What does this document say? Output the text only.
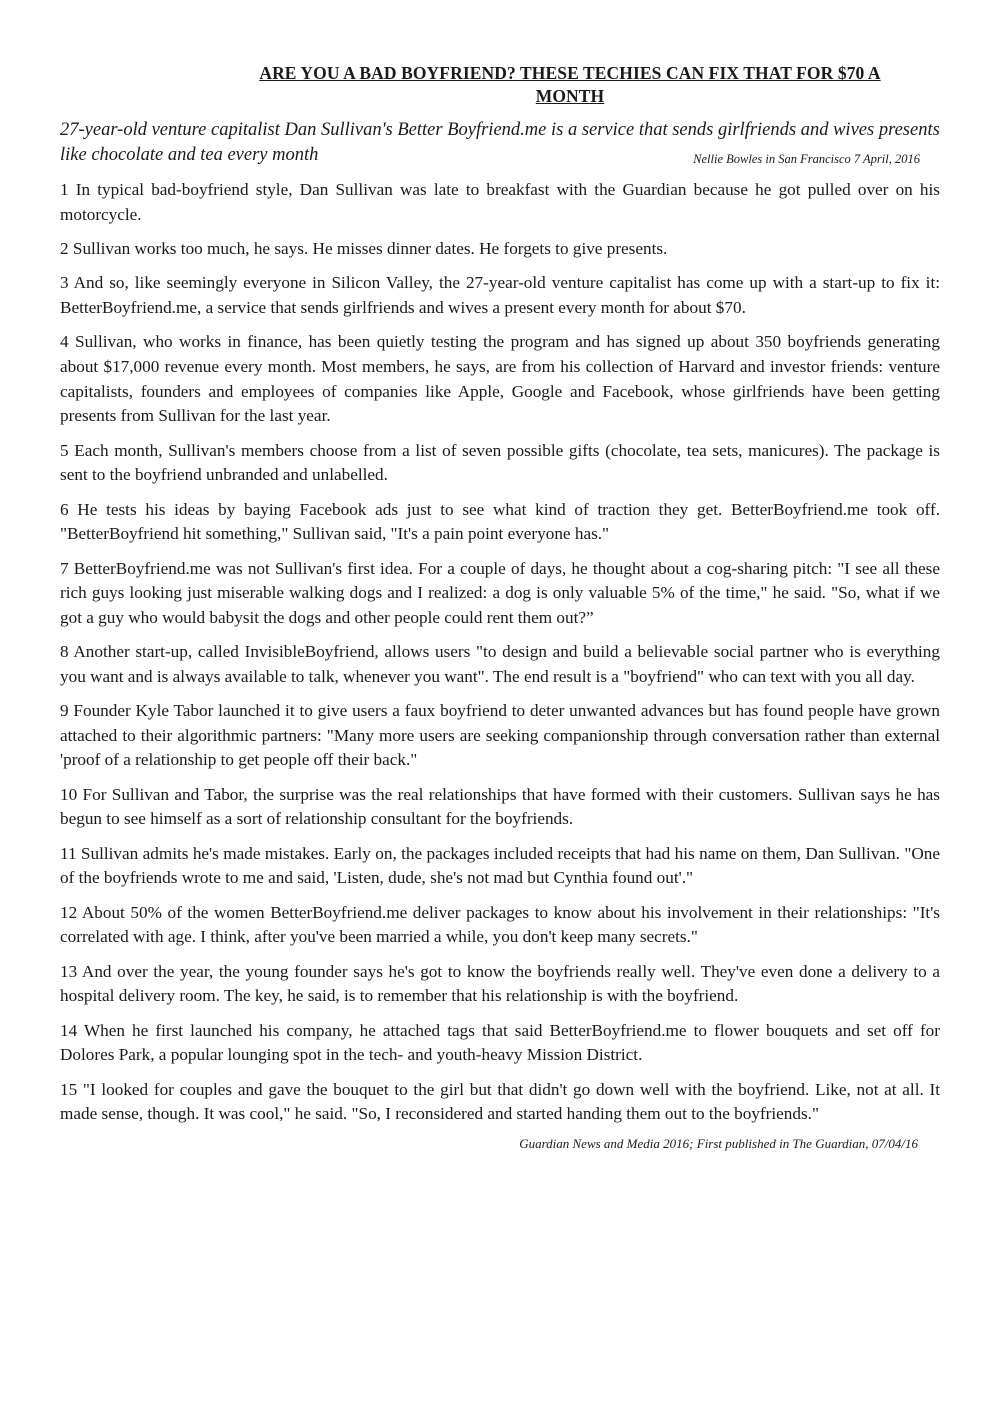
ARE YOU A BAD BOYFRIEND? THESE TECHIES CAN FIX THAT FOR $70 A
MONTH

27-year-old venture capitalist Dan Sullivan's Better Boyfriend.me is a service that sends girlfriends and wives presents like chocolate and tea every month	Nellie Bowles in San Francisco 7 April, 2016

1 In typical bad-boyfriend style, Dan Sullivan was late to breakfast with the Guardian because he got pulled over on his motorcycle.

2 Sullivan works too much, he says. He misses dinner dates. He forgets to give presents.

3 And so, like seemingly everyone in Silicon Valley, the 27-year-old venture capitalist has come up with a start-up to fix it: BetterBoyfriend.me, a service that sends girlfriends and wives a present every month for about $70.

4 Sullivan, who works in finance, has been quietly testing the program and has signed up about 350 boyfriends generating about $17,000 revenue every month. Most members, he says, are from his collection of Harvard and investor friends: venture capitalists, founders and employees of companies like Apple, Google and Facebook, whose girlfriends have been getting presents from Sullivan for the last year.

5 Each month, Sullivan's members choose from a list of seven possible gifts (chocolate, tea sets, manicures). The package is sent to the boyfriend unbranded and unlabelled.

6 He tests his ideas by baying Facebook ads just to see what kind of traction they get. BetterBoyfriend.me took off. "BetterBoyfriend hit something," Sullivan said, "It's a pain point everyone has."

7 BetterBoyfriend.me was not Sullivan's first idea. For a couple of days, he thought about a cog-sharing pitch: "I see all these rich guys looking just miserable walking dogs and I realized: a dog is only valuable 5% of the time," he said. "So, what if we got a guy who would babysit the dogs and other people could rent them out?”

8 Another start-up, called InvisibleBoyfriend, allows users "to design and build a believable social partner who is everything you want and is always available to talk, whenever you want". The end result is a "boyfriend" who can text with you all day.

9 Founder Kyle Tabor launched it to give users a faux boyfriend to deter unwanted advances but has found people have grown attached to their algorithmic partners: "Many more users are seeking companionship through conversation rather than external 'proof of a relationship to get people off their back."

10 For Sullivan and Tabor, the surprise was the real relationships that have formed with their customers. Sullivan says he has begun to see himself as a sort of relationship consultant for the boyfriends.

11 Sullivan admits he's made mistakes. Early on, the packages included receipts that had his name on them, Dan Sullivan. "One of the boyfriends wrote to me and said, 'Listen, dude, she's not mad but Cynthia found out'."

12 About 50% of the women BetterBoyfriend.me deliver packages to know about his involvement in their relationships: "It's correlated with age. I think, after you've been married a while, you don't keep many secrets."

13 And over the year, the young founder says he's got to know the boyfriends really well. They've even done a delivery to a hospital delivery room. The key, he said, is to remember that his relationship is with the boyfriend.

14 When he first launched his company, he attached tags that said BetterBoyfriend.me to flower bouquets and set off for Dolores Park, a popular lounging spot in the tech- and youth-heavy Mission District.

15 "I looked for couples and gave the bouquet to the girl but that didn't go down well with the boyfriend. Like, not at all. It made sense, though. It was cool," he said. "So, I reconsidered and started handing them out to the boyfriends."
Guardian News and Media 2016; First published in The Guardian, 07/04/16
